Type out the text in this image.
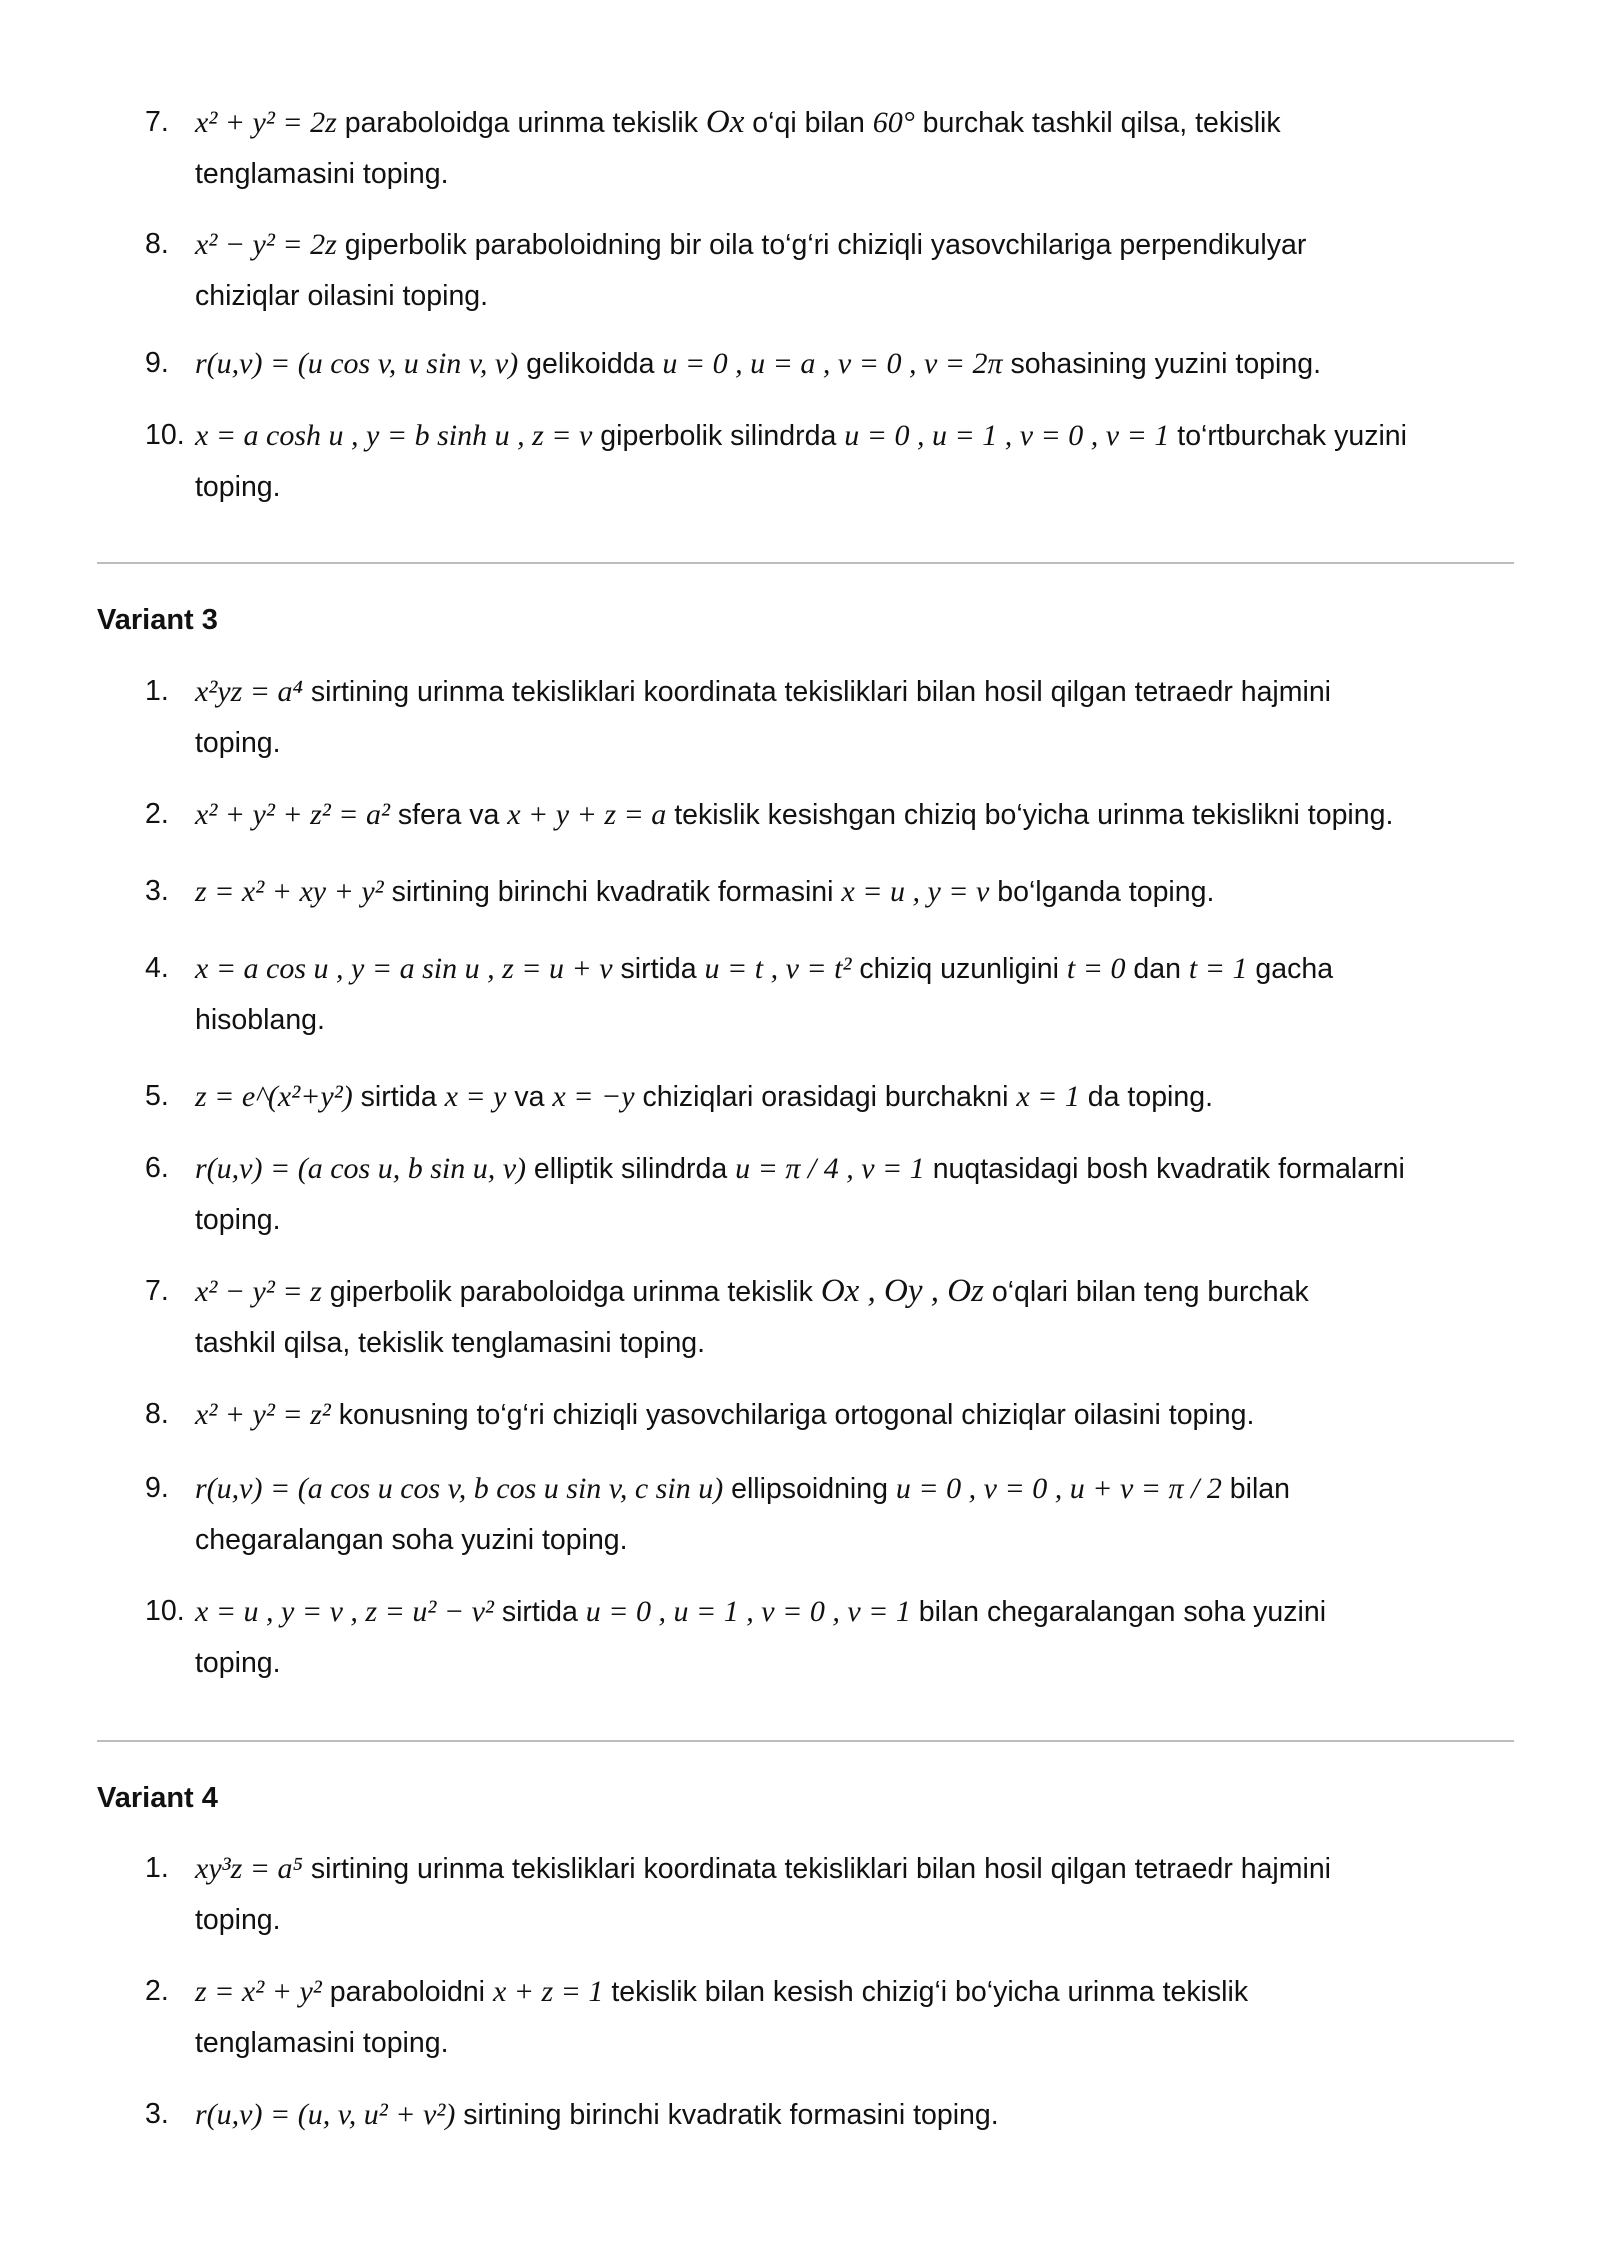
7. x² + y² = 2z paraboloidga urinma tekislik Ox o‘qi bilan 60° burchak tashkil qilsa, tekislik
tenglamasini toping.
8. x² − y² = 2z giperbolik paraboloidning bir oila to‘g‘ri chiziqli yasovchilariga perpendikulyar
chiziqlar oilasini toping.
9. r(u,v) = (u cos v, u sin v, v) gelikoidda u = 0 , u = a , v = 0 , v = 2π sohasining yuzini toping.
10. x = a cosh u , y = b sinh u , z = v giperbolik silindrda u = 0 , u = 1 , v = 0 , v = 1 to‘rtburchak yuzini
toping.
Variant 3
1. x²yz = a⁴ sirtining urinma tekisliklari koordinata tekisliklari bilan hosil qilgan tetraedr hajmini
toping.
2. x² + y² + z² = a² sfera va x + y + z = a tekislik kesishgan chiziq bo‘yicha urinma tekislikni toping.
3. z = x² + xy + y² sirtining birinchi kvadratik formasini x = u , y = v bo‘lganda toping.
4. x = a cos u , y = a sin u , z = u + v sirtida u = t , v = t² chiziq uzunligini t = 0 dan t = 1 gacha
hisoblang.
5. z = e^(x²+y²) sirtida x = y va x = −y chiziqlari orasidagi burchakni x = 1 da toping.
6. r(u,v) = (a cos u, b sin u, v) elliptik silindrda u = π / 4 , v = 1 nuqtasidagi bosh kvadratik formalarni
toping.
7. x² − y² = z giperbolik paraboloidga urinma tekislik Ox , Oy , Oz o‘qlari bilan teng burchak
tashkil qilsa, tekislik tenglamasini toping.
8. x² + y² = z² konusning to‘g‘ri chiziqli yasovchilariga ortogonal chiziqlar oilasini toping.
9. r(u,v) = (a cos u cos v, b cos u sin v, c sin u) ellipsoidning u = 0 , v = 0 , u + v = π / 2 bilan
chegaralangan soha yuzini toping.
10. x = u , y = v , z = u² − v² sirtida u = 0 , u = 1 , v = 0 , v = 1 bilan chegaralangan soha yuzini
toping.
Variant 4
1. xy³z = a⁵ sirtining urinma tekisliklari koordinata tekisliklari bilan hosil qilgan tetraedr hajmini
toping.
2. z = x² + y² paraboloidni x + z = 1 tekislik bilan kesish chizig‘i bo‘yicha urinma tekislik
tenglamasini toping.
3. r(u,v) = (u, v, u² + v²) sirtining birinchi kvadratik formasini toping.
